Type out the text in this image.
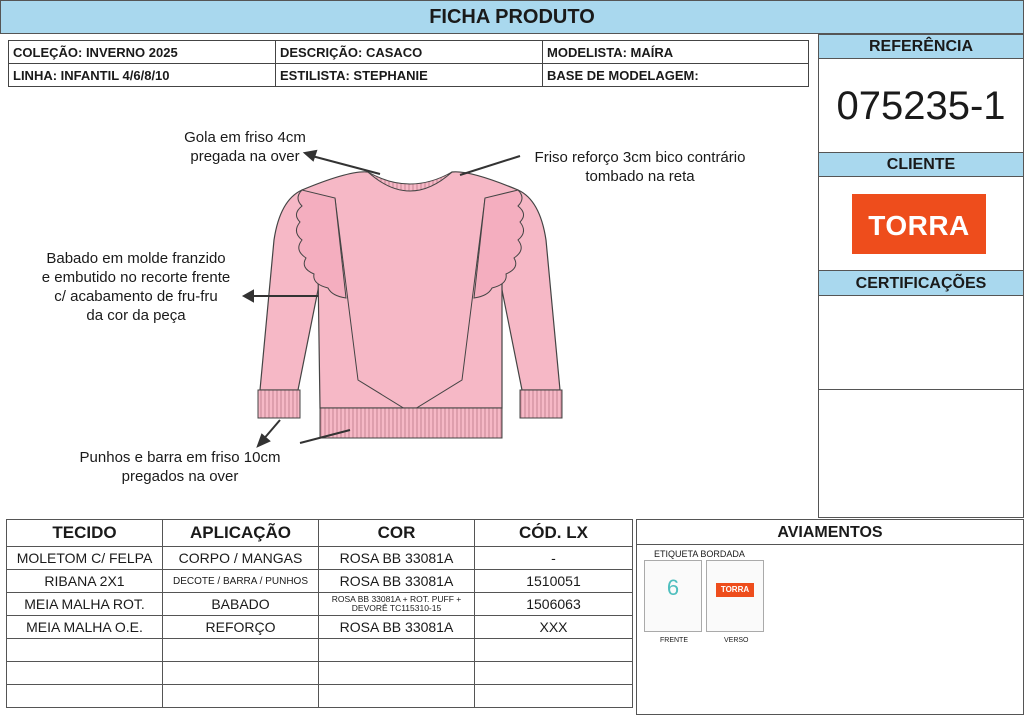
FICHA PRODUTO
COLEÇÃO: INVERNO 2025	DESCRIÇÃO: CASACO	MODELISTA: MAÍRA
LINHA: INFANTIL 4/6/8/10	ESTILISTA: STEPHANIE	BASE DE MODELAGEM:
REFERÊNCIA
075235-1
CLIENTE
TORRA
CERTIFICAÇÕES
Gola em friso 4cm
pregada na over	Friso reforço 3cm bico contrário
tombado na reta
Babado em molde franzido
e embutido no recorte frente
c/ acabamento de fru-fru
da cor da peça
Punhos e barra em friso 10cm
pregados na over
TECIDO	APLICAÇÃO	COR	CÓD. LX
MOLETOM C/ FELPA	CORPO / MANGAS	ROSA BB 33081A	-
RIBANA 2X1	DECOTE / BARRA / PUNHOS	ROSA BB 33081A	1510051
MEIA MALHA ROT.	BABADO	ROSA BB 33081A + ROT. PUFF + DEVORÊ TC115310-15	1506063
MEIA MALHA O.E.	REFORÇO	ROSA BB 33081A	XXX

AVIAMENTOS
ETIQUETA BORDADA
6	TORRA
FRENTE	VERSO
